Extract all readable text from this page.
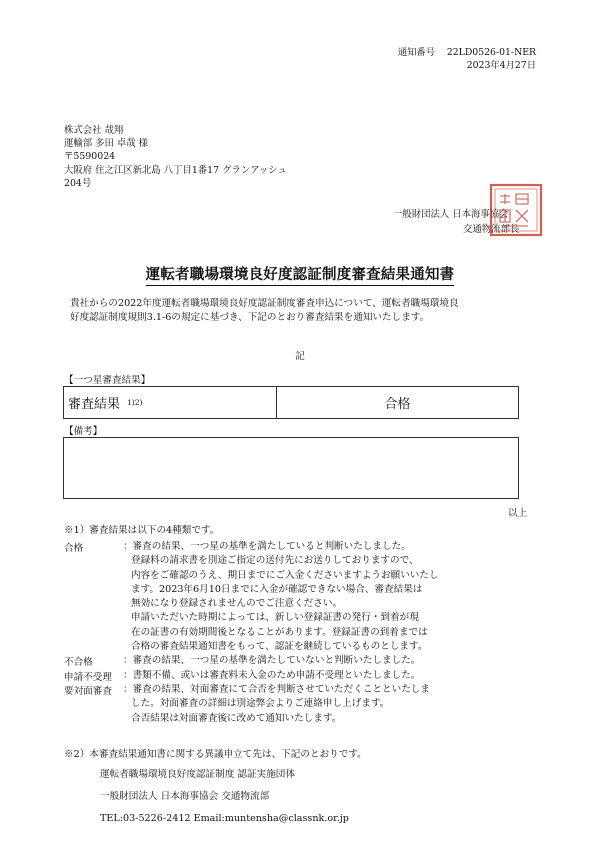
通知番号 22LD0526-01-NER
2023年4月27日
株式会社 哉翔
運輸部 多田 卓哉 様
〒5590024
大阪府 住之江区新北島 八丁目1番17 グランアッシュ
204号
一般財団法人 日本海事協会
交通物流部長
運転者職場環境良好度認証制度審査結果通知書
貴社からの2022年度運転者職場環境良好度認証制度審査申込について、運転者職場環境良
好度認証制度規則3.1-6の規定に基づき、下記のとおり審査結果を通知いたします。
記
【一つ星審査結果】
審査結果 1)2)	合格
【備考】
以上
※1）審査結果は以下の4種類です。
合格	：審査の結果、一つ星の基準を満たしていると判断いたしました。
登録料の請求書を別途ご指定の送付先にお送りしておりますので、
内容をご確認のうえ、期日までにご入金くださいますようお願いいたし
ます。2023年6月10日までに入金が確認できない場合、審査結果は
無効になり登録されませんのでご注意ください。
申請いただいた時期によっては、新しい登録証書の発行・到着が現
在の証書の有効期間後となることがあります。登録証書の到着までは
合格の審査結果通知書をもって、認証を継続しているものとします。
不合格	：審査の結果、一つ星の基準を満たしていないと判断いたしました。
申請不受理 ：書類不備、或いは審査料未入金のため申請不受理といたしました。
要対面審査 ：審査の結果、対面審査にて合否を判断させていただくことといたしま
した。対面審査の詳細は別途弊会よりご連絡申し上げます。
合否結果は対面審査後に改めて通知いたします。
※2）本審査結果通知書に関する異議申立て先は、下記のとおりです。
運転者職場環境良好度認証制度 認証実施団体
一般財団法人 日本海事協会 交通物流部
TEL:03-5226-2412 Email:muntensha@classnk.or.jp
